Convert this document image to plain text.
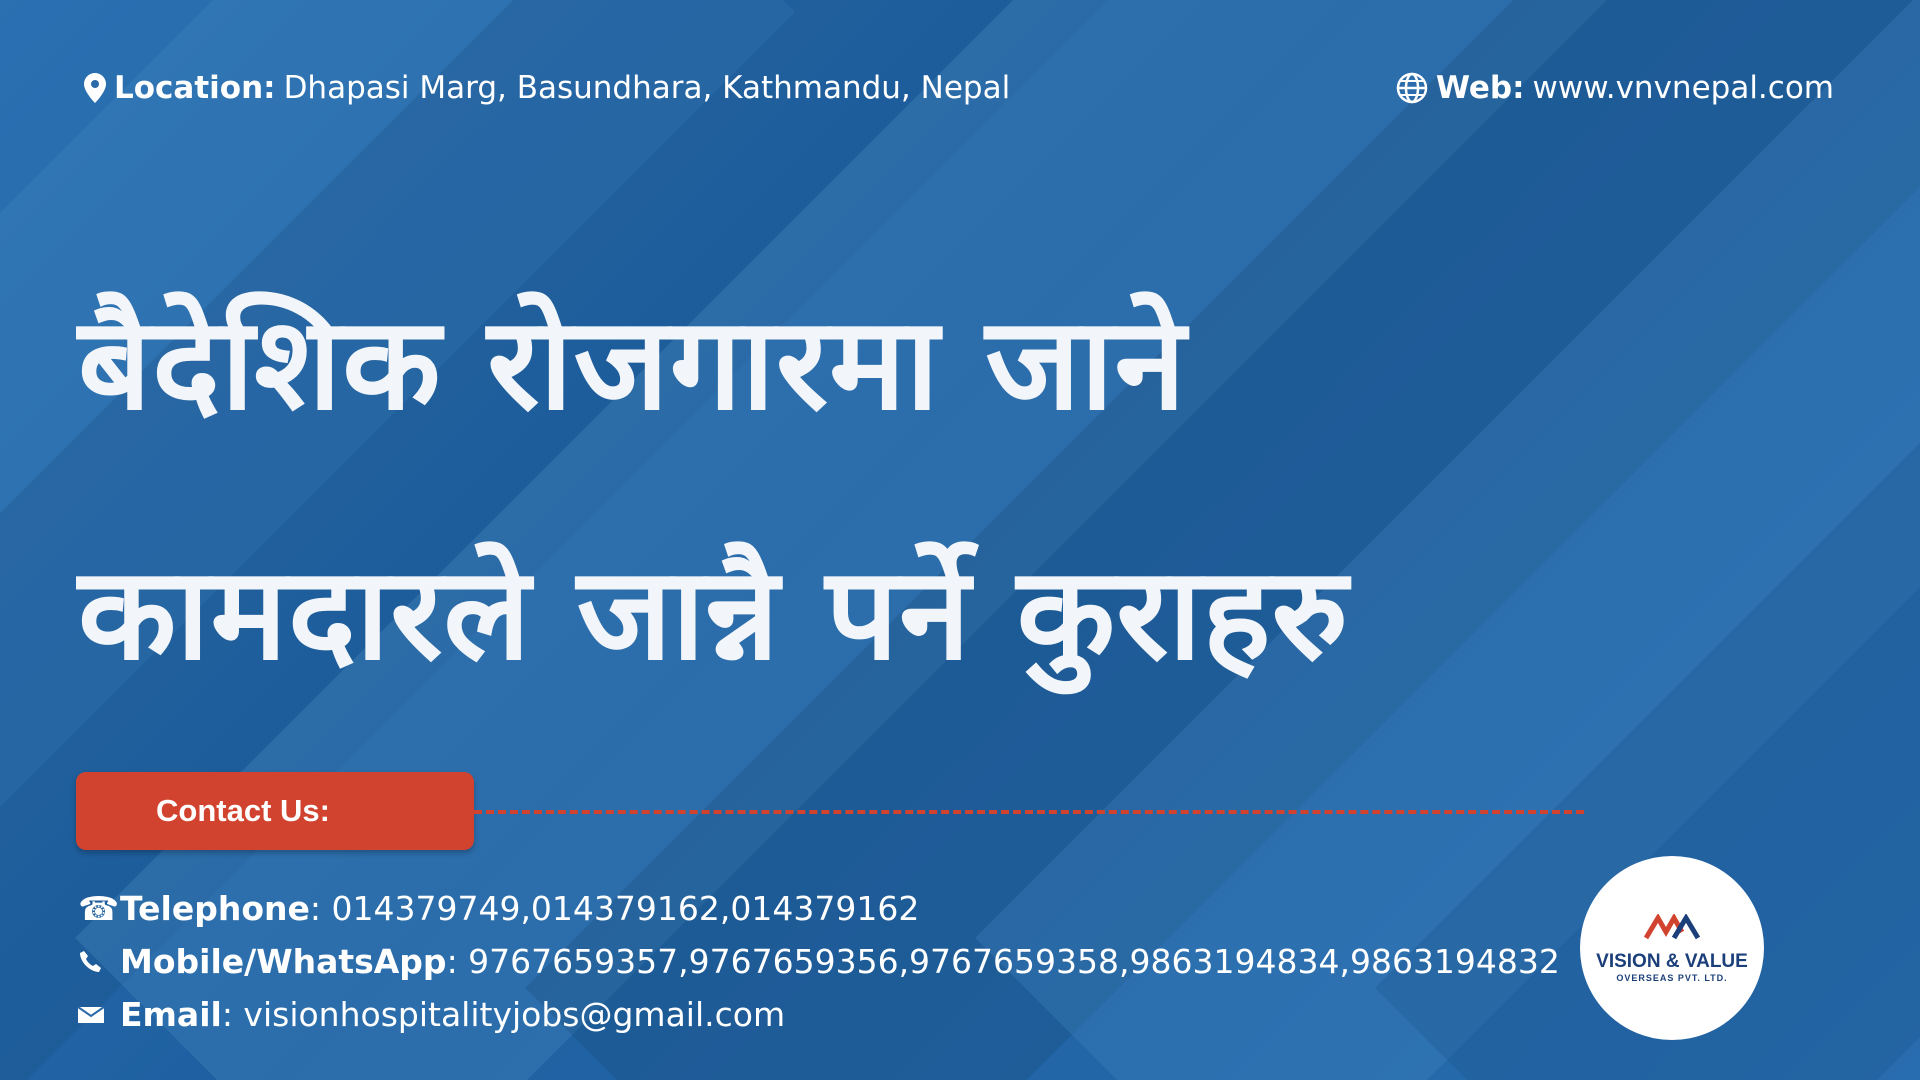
Location: Dhapasi Marg, Basundhara, Kathmandu, Nepal	Web: www.vnvnepal.com
बैदेशिक रोजगारमा जाने
कामदारले जान्नै पर्ने कुराहरु
Contact Us:
☎ Telephone : 014379749,014379162,014379162
Mobile/WhatsApp : 9767659357,9767659356,9767659358,9863194834,9863194832
Email : visionhospitalityjobs@gmail.com
VISION & VALUE
OVERSEAS PVT. LTD.
